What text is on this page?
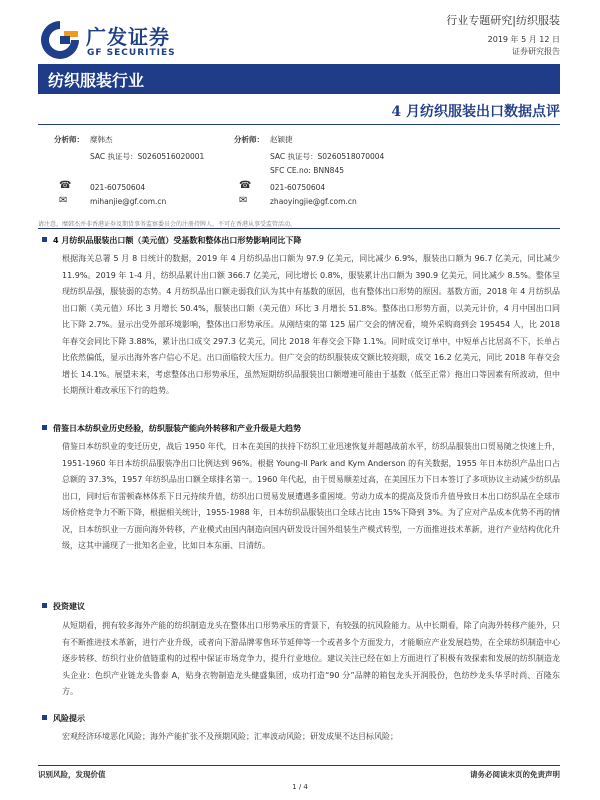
广发证券
GF SECURITIES
行业专题研究|纺织服装
2019 年 5 月 12 日
证券研究报告
纺织服装行业
4 月纺织服装出口数据点评
分析师： 糜韩杰
SAC 执证号：S0260516020001
☎ 021-60750604
✉	mihanjie@gf.com.cn
分析师： 赵颖捷
SAC 执证号：S0260518070004
SFC CE.no: BNN845
☎ 021-60750604
✉	zhaoyingjie@gf.com.cn
请注意，糜韩杰并非香港证券及期货事务监察委员会的注册持牌人，不可在香港从事受监管活动。
4 月纺织品服装出口额（美元值）受基数和整体出口形势影响同比下降

根据海关总署 5 月 8 日统计的数据，2019 年 4 月纺织品出口额为 97.9 亿美元，同比减少 6.9%，服装出口额为 96.7 亿美元，同比减少 11.9%。2019 年 1-4 月，纺织品累计出口额 366.7 亿美元，同比增长 0.8%，服装累计出口额为 390.9 亿美元，同比减少 8.5%。整体呈现纺织品强，服装弱的态势。4 月纺织品出口额走弱我们认为其中有基数的原因，也有整体出口形势的原因。基数方面，2018 年 4 月纺织品出口额（美元值）环比 3 月增长 50.4%，服装出口额（美元值）环比 3 月增长 51.8%。整体出口形势方面，以美元计价，4 月中国出口同比下降 2.7%。显示出受外部环境影响，整体出口形势承压。从刚结束的第 125 届广交会的情况看，境外采购商到会 195454 人，比 2018 年春交会同比下降 3.88%，累计出口成交 297.3 亿美元，同比 2018 年春交会下降 1.1%。同时成交订单中，中短单占比居高不下，长单占比依然偏低，显示出海外客户信心不足。出口面临较大压力。但广交会的纺织服装成交额比较亮眼，成交 16.2 亿美元，同比 2018 年春交会增长 14.1%。展望未来，考虑整体出口形势承压，虽然短期纺织品服装出口额增速可能由于基数（低至正常）拖出口等因素有所波动，但中长期预计难改承压下行的趋势。

借鉴日本纺织业历史经验，纺织服装产能向外转移和产业升级是大趋势

借鉴日本纺织业的变迁历史，战后 1950 年代，日本在美国的扶持下纺织工业迅速恢复并超越战前水平，纺织品服装出口贸易随之快速上升，1951-1960 年日本纺织品服装净出口比例达到 96%。根据 Young-Il Park and Kym Anderson 的有关数据，1955 年日本纺织产品出口占总额的 37.3%，1957 年纺织品出口额全球排名第一。1960 年代起，由于贸易顺差过高，在美国压力下日本签订了多项协议主动减少纺织品出口，同时后布雷顿森林体系下日元持续升值，纺织出口贸易发展遭遇多重困境。劳动力成本的提高及货币升值导致日本出口纺织品在全球市场价格竞争力不断下降，根据相关统计，1955-1988 年，日本纺织品服装出口全球占比由 15%下降到 3%。为了应对产品成本优势不再的情况，日本纺织业一方面向海外转移，产业模式由国内制造向国内研发设计国外组装生产模式转型，一方面推进技术革新，进行产业结构优化升级，这其中涌现了一批知名企业，比如日本东丽、日清纺。

投资建议

从短期看，拥有较多海外产能的纺织制造龙头在整体出口形势承压的背景下，有较强的抗风险能力。从中长期看，除了向海外转移产能外，只有不断推进技术革新，进行产业升级，或者向下游品牌零售环节延伸等一个或者多个方面发力，才能顺应产业发展趋势，在全球纺织制造中心逐步转移、纺织行业价值链重构的过程中保证市场竞争力，提升行业地位。建议关注已经在如上方面进行了积极有效探索和发展的纺织制造龙头企业：色织产业链龙头鲁泰 A，贴身衣物制造龙头健盛集团，成功打造“90 分”品牌的箱包龙头开润股份，色纺纱龙头华孚时尚、百隆东方。

风险提示

宏观经济环境恶化风险；海外产能扩张不及预期风险；汇率波动风险；研发成果不达目标风险；

识别风险，发现价值	请务必阅读末页的免责声明
1 / 4
